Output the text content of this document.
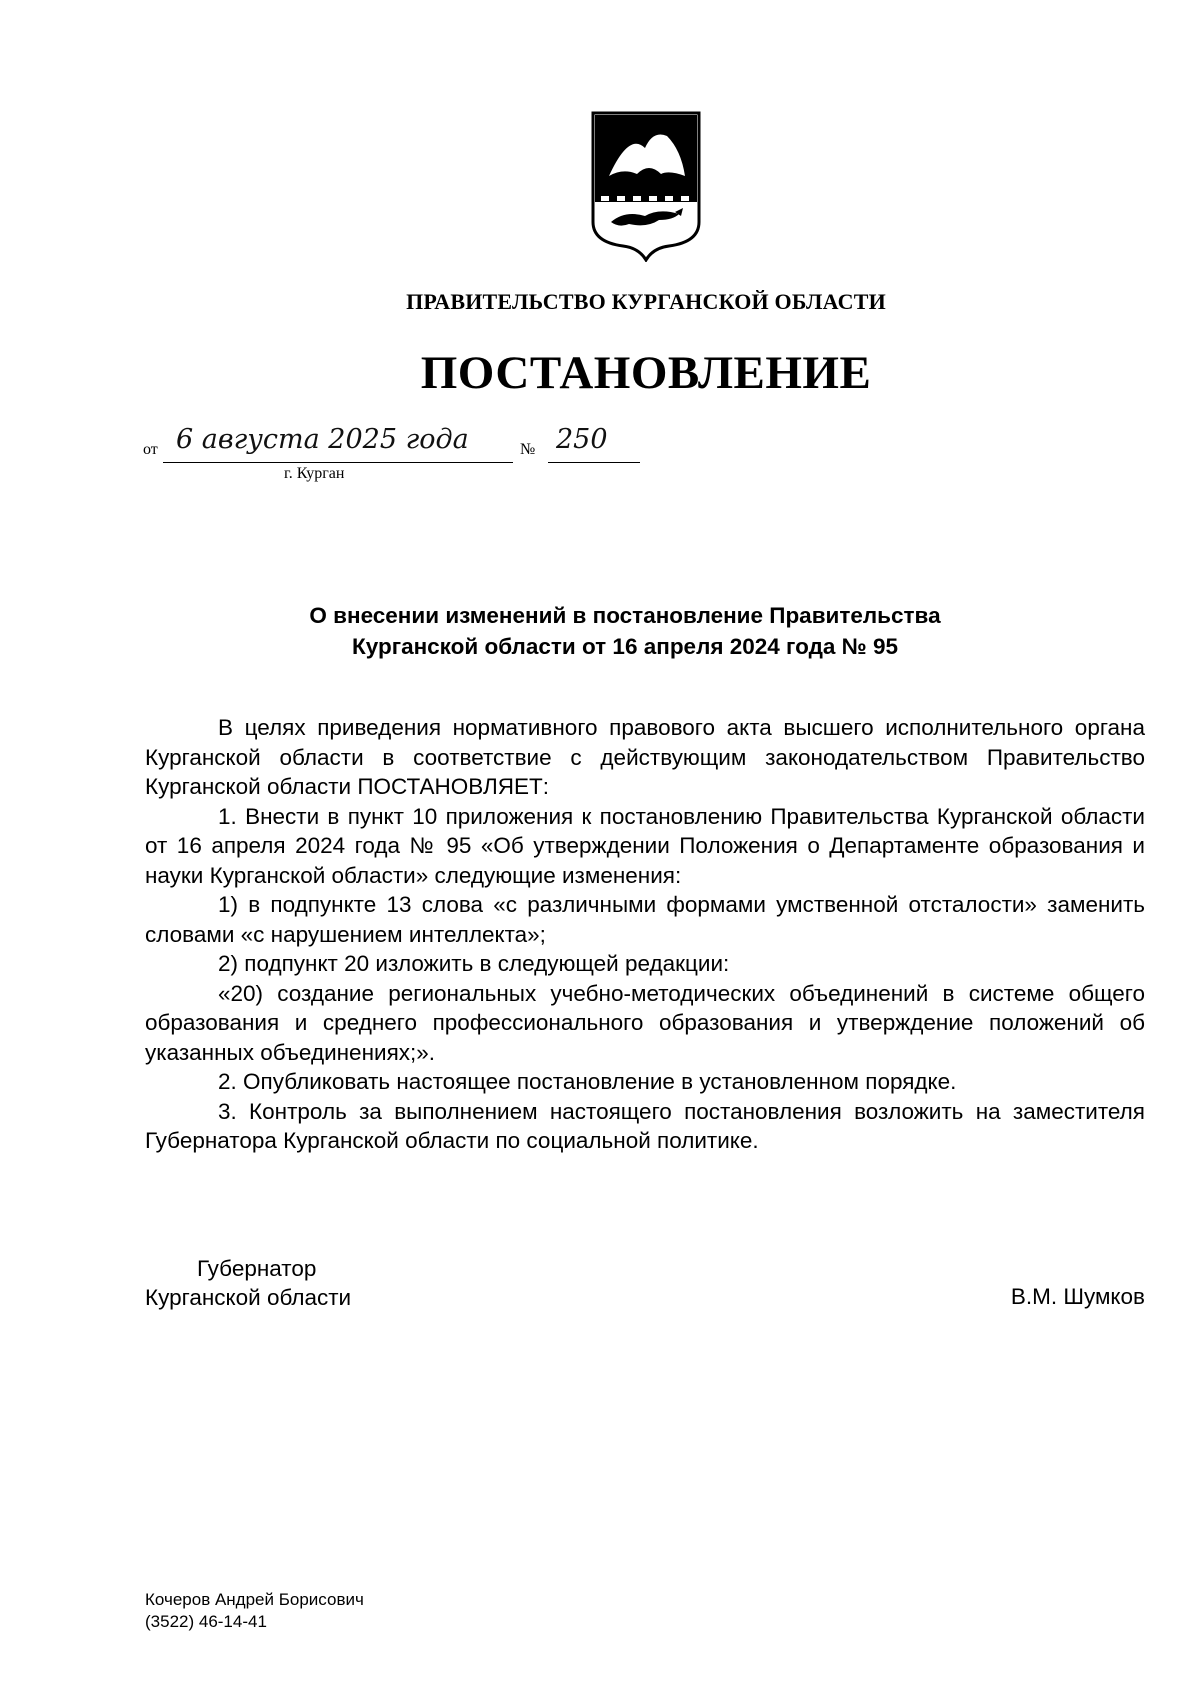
ПРАВИТЕЛЬСТВО КУРГАНСКОЙ ОБЛАСТИ
ПОСТАНОВЛЕНИЕ
от 6 августа 2025 года	№ 250
г. Курган
О внесении изменений в постановление Правительства
Курганской области от 16 апреля 2024 года № 95

В целях приведения нормативного правового акта высшего исполнительного органа Курганской области в соответствие с действующим законодательством Правительство Курганской области ПОСТАНОВЛЯЕТ:

1. Внести в пункт 10 приложения к постановлению Правительства Курганской области от 16 апреля 2024 года № 95 «Об утверждении Положения о Департаменте образования и науки Курганской области» следующие изменения:

1) в подпункте 13 слова «с различными формами умственной отсталости» заменить словами «с нарушением интеллекта»;

2) подпункт 20 изложить в следующей редакции:

«20) создание региональных учебно-методических объединений в системе общего образования и среднего профессионального образования и утверждение положений об указанных объединениях;».

2. Опубликовать настоящее постановление в установленном порядке.

3. Контроль за выполнением настоящего постановления возложить на заместителя Губернатора Курганской области по социальной политике.

Губернатор
Курганской области	В.М. Шумков
Кочеров Андрей Борисович
(3522) 46-14-41
